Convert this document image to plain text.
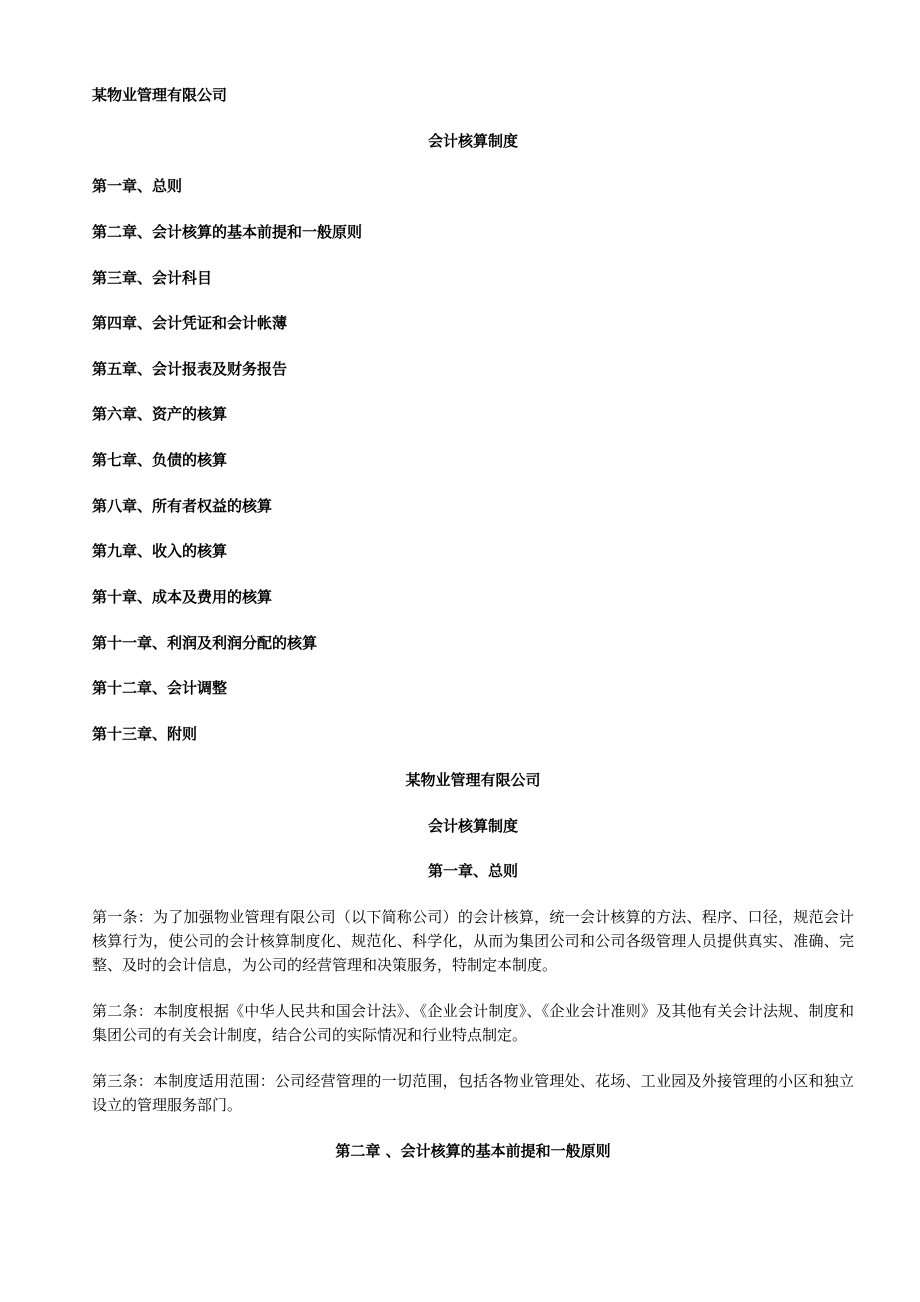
某物业管理有限公司
会计核算制度
第一章、总则
第二章、会计核算的基本前提和一般原则
第三章、会计科目
第四章、会计凭证和会计帐薄
第五章、会计报表及财务报告
第六章、资产的核算
第七章、负债的核算
第八章、所有者权益的核算
第九章、收入的核算
第十章、成本及费用的核算
第十一章、利润及利润分配的核算
第十二章、会计调整
第十三章、附则
某物业管理有限公司
会计核算制度
第一章、总则
第一条：为了加强物业管理有限公司（以下简称公司）的会计核算，统一会计核算的方法、程序、口径，规范会计核算行为，使公司的会计核算制度化、规范化、科学化，从而为集团公司和公司各级管理人员提供真实、准确、完整、及时的会计信息，为公司的经营管理和决策服务，特制定本制度。
第二条：本制度根据《中华人民共和国会计法》、《企业会计制度》、《企业会计准则》及其他有关会计法规、制度和集团公司的有关会计制度，结合公司的实际情况和行业特点制定。
第三条：本制度适用范围：公司经营管理的一切范围，包括各物业管理处、花场、工业园及外接管理的小区和独立设立的管理服务部门。
第二章 、会计核算的基本前提和一般原则
